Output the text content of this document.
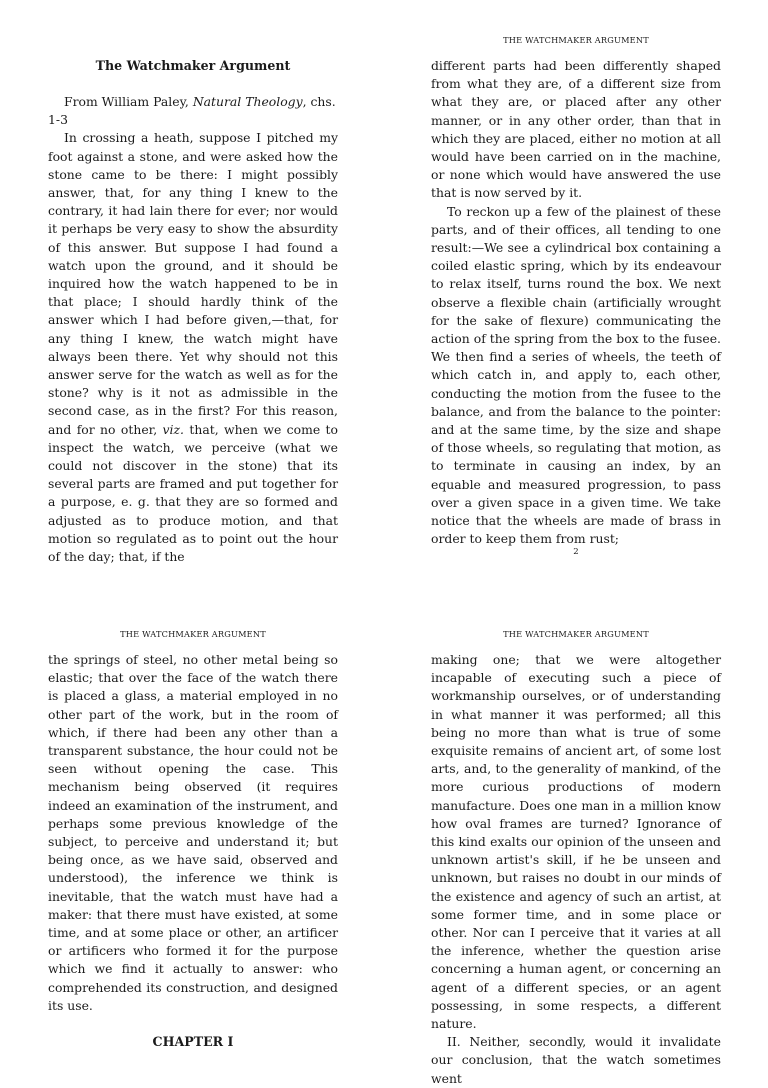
The Watchmaker Argument

From William Paley, Natural Theology, chs. 1-3

In crossing a heath, suppose I pitched my foot against a stone, and were asked how the stone came to be there: I might possibly answer, that, for any thing I knew to the contrary, it had lain there for ever; nor would it perhaps be very easy to show the absurdity of this answer. But suppose I had found a watch upon the ground, and it should be inquired how the watch happened to be in that place; I should hardly think of the answer which I had before given,—that, for any thing I knew, the watch might have always been there. Yet why should not this answer serve for the watch as well as for the stone? why is it not as admissible in the second case, as in the first? For this reason, and for no other, viz. that, when we come to inspect the watch, we perceive (what we could not discover in the stone) that its several parts are framed and put together for a purpose, e. g. that they are so formed and adjusted as to produce motion, and that motion so regulated as to point out the hour of the day; that, if the

THE WATCHMAKER ARGUMENT

different parts had been differently shaped from what they are, of a different size from what they are, or placed after any other manner, or in any other order, than that in which they are placed, either no motion at all would have been carried on in the machine, or none which would have answered the use that is now served by it.

To reckon up a few of the plainest of these parts, and of their offices, all tending to one result:—We see a cylindrical box containing a coiled elastic spring, which by its endeavour to relax itself, turns round the box. We next observe a flexible chain (artificially wrought for the sake of flexure) communicating the action of the spring from the box to the fusee. We then find a series of wheels, the teeth of which catch in, and apply to, each other, conducting the motion from the fusee to the balance, and from the balance to the pointer: and at the same time, by the size and shape of those wheels, so regulating that motion, as to terminate in causing an index, by an equable and measured progression, to pass over a given space in a given time. We take notice that the wheels are made of brass in order to keep them from rust;

2
THE WATCHMAKER ARGUMENT

the springs of steel, no other metal being so elastic; that over the face of the watch there is placed a glass, a material employed in no other part of the work, but in the room of which, if there had been any other than a transparent substance, the hour could not be seen without opening the case. This mechanism being observed (it requires indeed an examination of the instrument, and perhaps some previous knowledge of the subject, to perceive and understand it; but being once, as we have said, observed and understood), the inference we think is inevitable, that the watch must have had a maker: that there must have existed, at some time, and at some place or other, an artificer or artificers who formed it for the purpose which we find it actually to answer: who comprehended its construction, and designed its use.

CHAPTER I
THE WATCHMAKER ARGUMENT

making one; that we were altogether incapable of executing such a piece of workmanship ourselves, or of understanding in what manner it was performed; all this being no more than what is true of some exquisite remains of ancient art, of some lost arts, and, to the generality of mankind, of the more curious productions of modern manufacture. Does one man in a million know how oval frames are turned? Ignorance of this kind exalts our opinion of the unseen and unknown artist's skill, if he be unseen and unknown, but raises no doubt in our minds of the existence and agency of such an artist, at some former time, and in some place or other. Nor can I perceive that it varies at all the inference, whether the question arise concerning a human agent, or concerning an agent of a different species, or an agent possessing, in some respects, a different nature.

II. Neither, secondly, would it invalidate our conclusion, that the watch sometimes went
